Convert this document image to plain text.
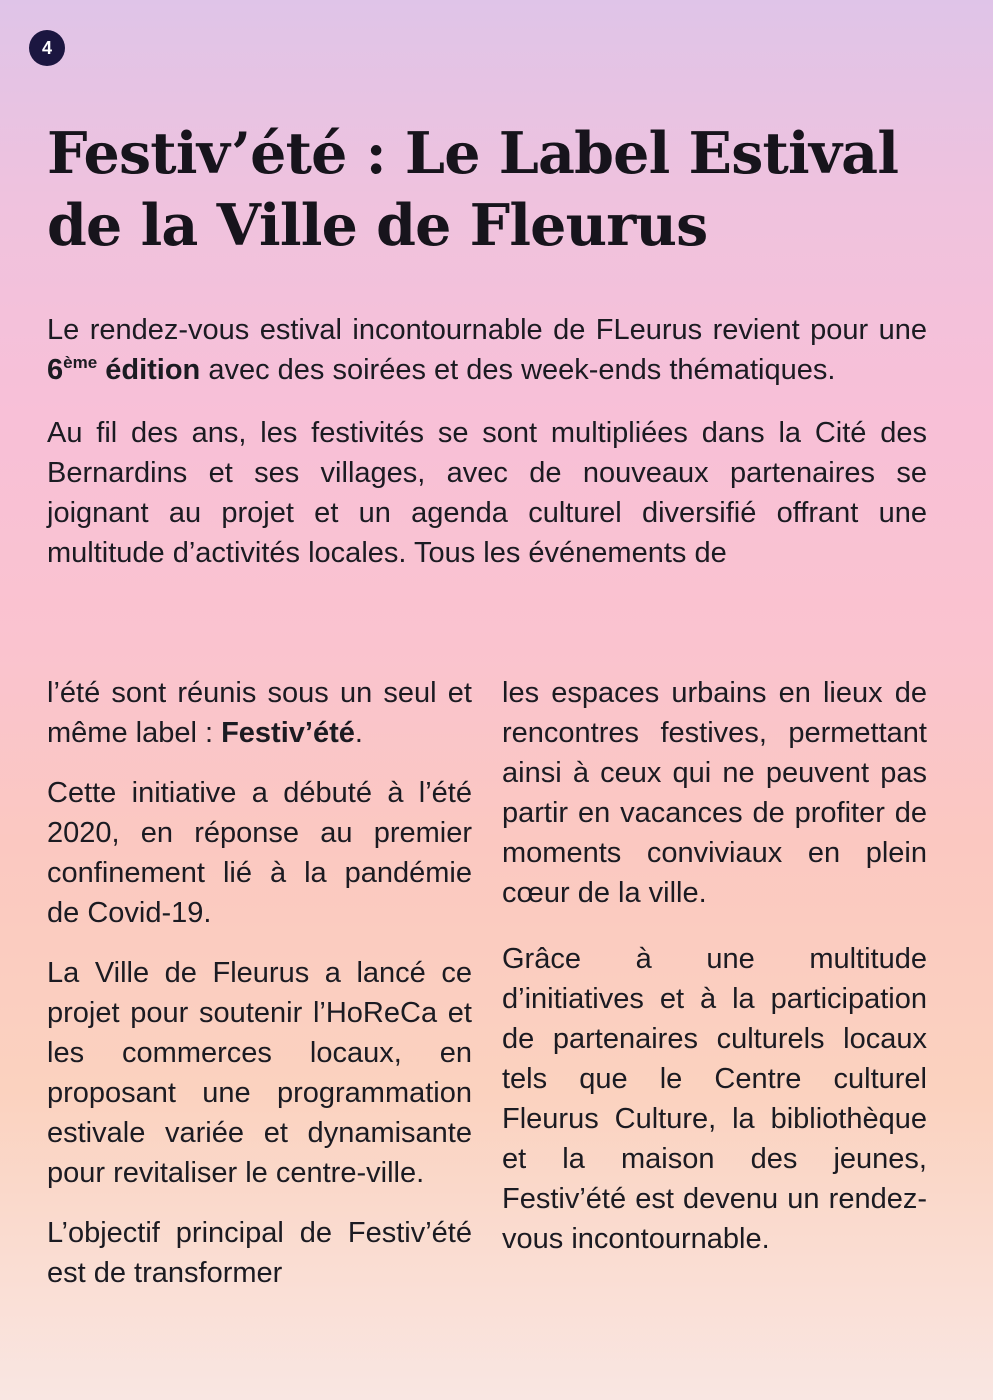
4
Festiv’été : Le Label Estival
de la Ville de Fleurus

Le rendez-vous estival incontournable de FLeurus revient pour une 6ème édition avec des soirées et des week-ends thématiques.

Au fil des ans, les festivités se sont multipliées dans la Cité des Bernardins et ses villages, avec de nouveaux partenaires se joignant au projet et un agenda culturel diversifié offrant une multitude d’activités locales. Tous les événements de

l’été sont réunis sous un seul et même label : Festiv’été.

Cette initiative a débuté à l’été 2020, en réponse au premier confinement lié à la pandémie de Covid-19.

La Ville de Fleurus a lancé ce projet pour soutenir l’HoReCa et les commerces locaux, en proposant une programmation estivale variée et dynamisante pour revitaliser le centre-ville.

L’objectif principal de Festiv’été est de transformer

les espaces urbains en lieux de rencontres festives, permettant ainsi à ceux qui ne peuvent pas partir en vacances de profiter de moments conviviaux en plein cœur de la ville.

Grâce à une multitude d’initiatives et à la participation de partenaires culturels locaux tels que le Centre culturel Fleurus Culture, la bibliothèque et la maison des jeunes, Festiv’été est devenu un rendez-vous incontournable.
